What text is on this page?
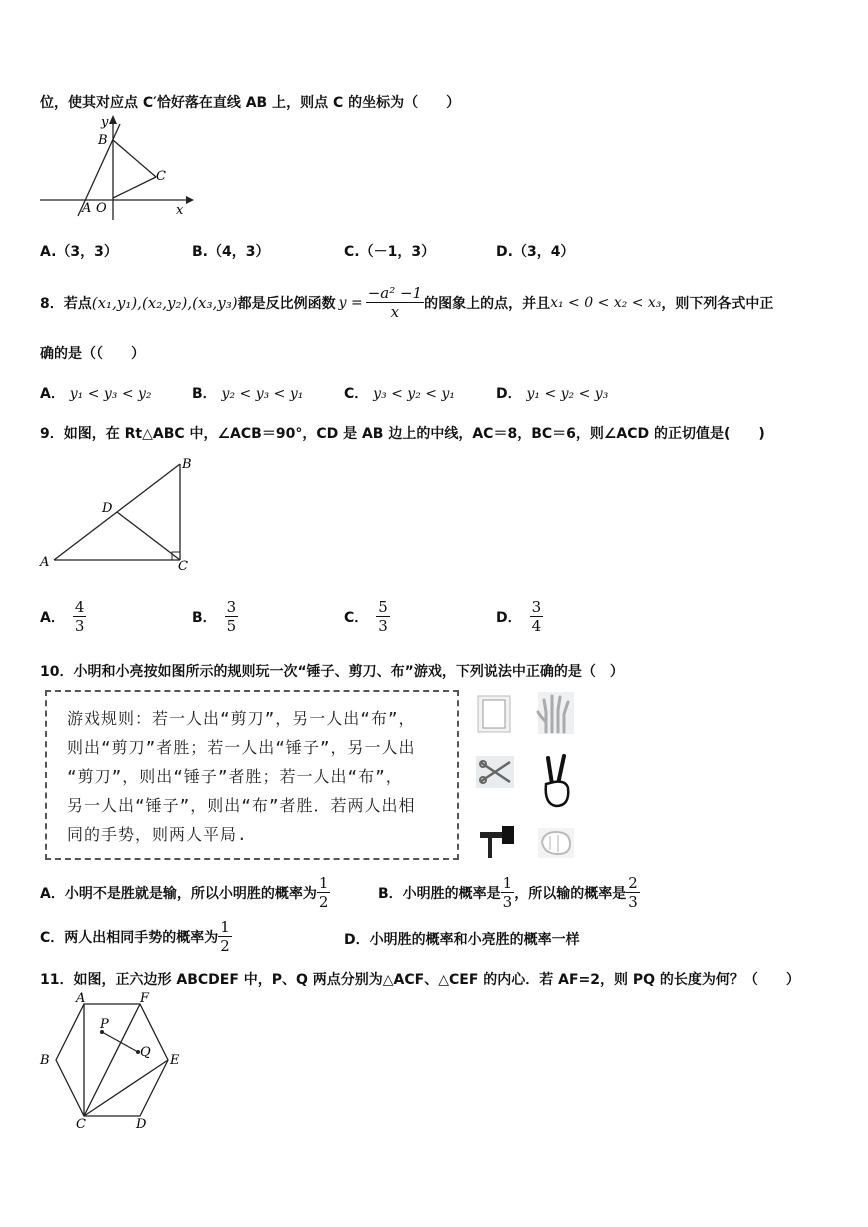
位，使其对应点 C′恰好落在直线 AB 上，则点 C 的坐标为（　　）
y
B
C
A O	x
A.（3，3）	B.（4，3）	C.（－1，3）	D.（3，4）
8． 若点 (x₁,y₁),(x₂,y₂),(x₃,y₃) 都是反比例函数 $y = \frac{\text{−a² −1}}{x}$ 的图象上的点，并且 x₁ < 0 < x₂ < x₃ ，则下列各式中正
确的是（（　　）
A． y₁ < y₃ < y₂	B． y₂ < y₃ < y₁	C． y₃ < y₂ < y₁	D． y₁ < y₂ < y₃
9．如图，在 Rt△ABC 中，∠ACB＝90°，CD 是 AB 边上的中线，AC＝8，BC＝6，则∠ACD 的正切值是(　　)
A
B
C
D
A． $\frac{4}{3}$	B． $\frac{3}{5}$	C． $\frac{5}{3}$	D． $\frac{3}{4}$
10．小明和小亮按如图所示的规则玩一次“锤子、剪刀、布”游戏，下列说法中正确的是（　）
游戏规则：若一人出“剪刀”，另一人出“布”，
则出“剪刀”者胜；若一人出“锤子”，另一人出
“剪刀”，则出“锤子”者胜；若一人出“布”，
另一人出“锤子”，则出“布”者胜．若两人出相
同的手势，则两人平局.
A． 小明不是胜就是输，所以小明胜的概率为 $\frac{1}{2}$	B． 小明胜的概率是 $\frac{1}{3}$ ，所以输的概率是 $\frac{2}{3}$
C． 两人出相同手势的概率为 $\frac{1}{2}$	D．小明胜的概率和小亮胜的概率一样
11．如图，正六边形 ABCDEF 中，P、Q 两点分别为△ACF、△CEF 的内心．若 AF=2，则 PQ 的长度为何？（　　）
A	F
B	E
C	D
P
Q
